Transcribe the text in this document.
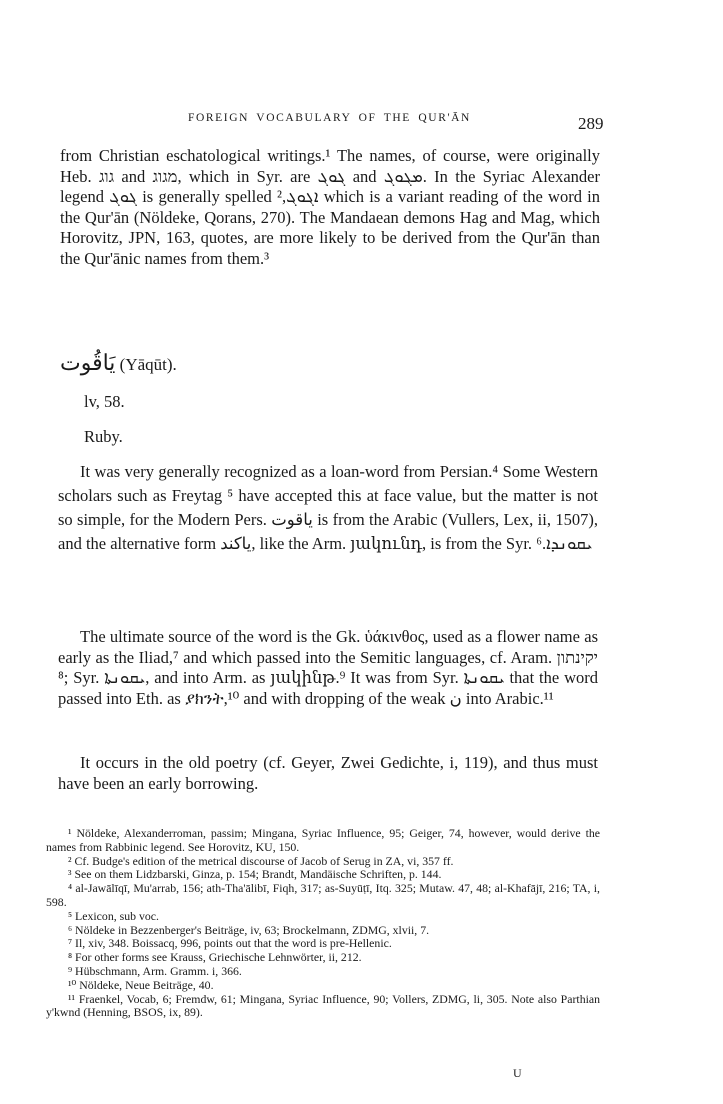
FOREIGN VOCABULARY OF THE QUR'ĀN	289

from Christian eschatological writings.¹ The names, of course, were originally Heb. גוג and מגוג, which in Syr. are ܓܘܓ and ܡܓܘܓ. In the Syriac Alexander legend ܓܘܓ is generally spelled ܐܓܘܓ,² which is a variant reading of the word in the Qur'ān (Nöldeke, Qorans, 270). The Mandaean demons Hag and Mag, which Horovitz, JPN, 163, quotes, are more likely to be derived from the Qur'ān than the Qur'ānic names from them.³

يَاقُوت (Yāqūt).
lv, 58.
Ruby.

It was very generally recognized as a loan-word from Persian.⁴ Some Western scholars such as Freytag ⁵ have accepted this at face value, but the matter is not so simple, for the Modern Pers. یاقوت is from the Arabic (Vullers, Lex, ii, 1507), and the alternative form یاکند, like the Arm. յակունդ, is from the Syr. ܝܩܘܢܕܐ.⁶

The ultimate source of the word is the Gk. ὑάκινθος, used as a flower name as early as the Iliad,⁷ and which passed into the Semitic languages, cf. Aram. יקינתון ⁸; Syr. ܝܩܘܢܬܐ, and into Arm. as յակինթ.⁹ It was from Syr. ܝܩܘܢܬܐ that the word passed into Eth. as ያክንት,¹⁰ and with dropping of the weak ن into Arabic.¹¹

It occurs in the old poetry (cf. Geyer, Zwei Gedichte, i, 119), and thus must have been an early borrowing.

¹ Nöldeke, Alexanderroman, passim; Mingana, Syriac Influence, 95; Geiger, 74, however, would derive the names from Rabbinic legend. See Horovitz, KU, 150.

² Cf. Budge's edition of the metrical discourse of Jacob of Serug in ZA, vi, 357 ff.

³ See on them Lidzbarski, Ginza, p. 154; Brandt, Mandäische Schriften, p. 144.

⁴ al-Jawālīqī, Mu'arrab, 156; ath-Tha'ālibī, Fiqh, 317; as-Suyūṭī, Itq. 325; Mutaw. 47, 48; al-Khafājī, 216; TA, i, 598.

⁵ Lexicon, sub voc.

⁶ Nöldeke in Bezzenberger's Beiträge, iv, 63; Brockelmann, ZDMG, xlvii, 7.

⁷ Il, xiv, 348. Boissacq, 996, points out that the word is pre-Hellenic.

⁸ For other forms see Krauss, Griechische Lehnwörter, ii, 212.

⁹ Hübschmann, Arm. Gramm. i, 366.

¹⁰ Nöldeke, Neue Beiträge, 40.

¹¹ Fraenkel, Vocab, 6; Fremdw, 61; Mingana, Syriac Influence, 90; Vollers, ZDMG, li, 305. Note also Parthian y'kwnd (Henning, BSOS, ix, 89).

U
